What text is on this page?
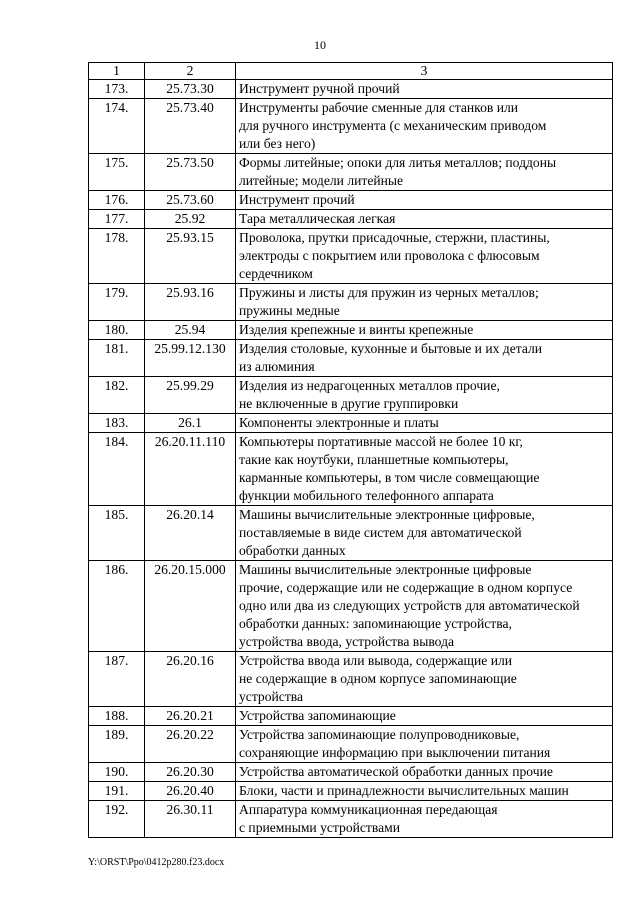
10
1	2	3
173.	25.73.30	Инструмент ручной прочий

174.	25.73.40	Инструменты рабочие сменные для станков или
для ручного инструмента (с механическим приводом
или без него)

175.	25.73.50	Формы литейные; опоки для литья металлов; поддоны
литейные; модели литейные

176.	25.73.60	Инструмент прочий

177.	25.92	Тара металлическая легкая

178.	25.93.15	Проволока, прутки присадочные, стержни, пластины,
электроды с покрытием или проволока с флюсовым
сердечником

179.	25.93.16	Пружины и листы для пружин из черных металлов;
пружины медные

180.	25.94	Изделия крепежные и винты крепежные

181.	25.99.12.130	Изделия столовые, кухонные и бытовые и их детали
из алюминия

182.	25.99.29	Изделия из недрагоценных металлов прочие,
не включенные в другие группировки

183.	26.1	Компоненты электронные и платы

184.	26.20.11.110	Компьютеры портативные массой не более 10 кг,
такие как ноутбуки, планшетные компьютеры,
карманные компьютеры, в том числе совмещающие
функции мобильного телефонного аппарата

185.	26.20.14	Машины вычислительные электронные цифровые,
поставляемые в виде систем для автоматической
обработки данных

186.	26.20.15.000	Машины вычислительные электронные цифровые
прочие, содержащие или не содержащие в одном корпусе
одно или два из следующих устройств для автоматической
обработки данных: запоминающие устройства,
устройства ввода, устройства вывода

187.	26.20.16	Устройства ввода или вывода, содержащие или
не содержащие в одном корпусе запоминающие
устройства

188.	26.20.21	Устройства запоминающие

189.	26.20.22	Устройства запоминающие полупроводниковые,
сохраняющие информацию при выключении питания

190.	26.20.30	Устройства автоматической обработки данных прочие

191.	26.20.40	Блоки, части и принадлежности вычислительных машин

192.	26.30.11	Аппаратура коммуникационная передающая
с приемными устройствами
Y:\ORST\Ppo\0412p280.f23.docx
